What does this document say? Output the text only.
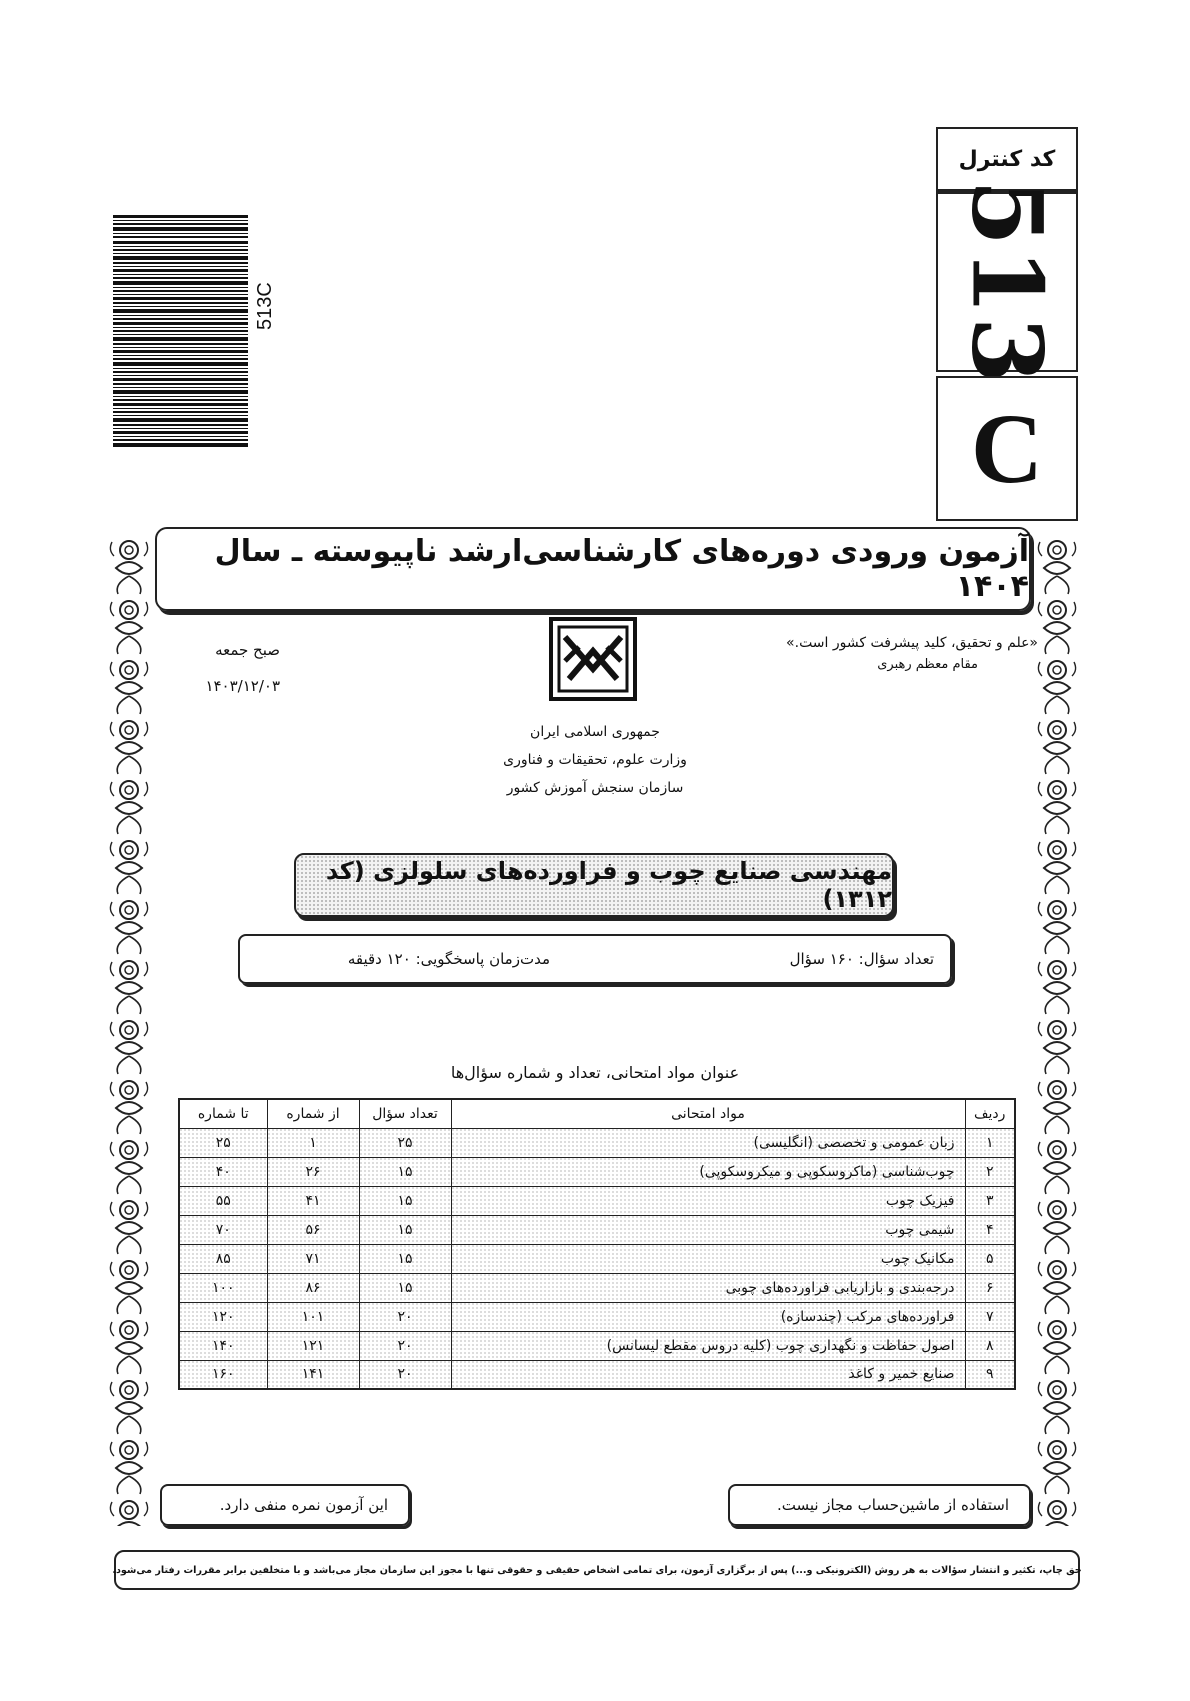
کد کنترل
513
C
513C
آزمون ورودی دوره‌های کارشناسی‌ارشد ناپیوسته ـ سال ۱۴۰۴
«علم و تحقیق، کلید پیشرفت کشور است.»
مقام معظم رهبری
صبح جمعه
۱۴۰۳/۱۲/۰۳
جمهوری اسلامی ایران
وزارت علوم، تحقیقات و فناوری
سازمان سنجش آموزش کشور
مهندسی صنایع چوب و فراورده‌های سلولزی (کد ۱۳۱۲)
تعداد سؤال: ۱۶۰ سؤال
مدت‌زمان پاسخگویی: ۱۲۰ دقیقه
عنوان مواد امتحانی، تعداد و شماره سؤال‌ها
ردیف	مواد امتحانی	تعداد سؤال	از شماره	تا شماره
۱	زبان عمومی و تخصصی (انگلیسی)	۲۵	۱	۲۵
۲	چوب‌شناسی (ماکروسکوپی و میکروسکوپی)	۱۵	۲۶	۴۰
۳	فیزیک چوب	۱۵	۴۱	۵۵
۴	شیمی چوب	۱۵	۵۶	۷۰
۵	مکانیک چوب	۱۵	۷۱	۸۵
۶	درجه‌بندی و بازاریابی فراورده‌های چوبی	۱۵	۸۶	۱۰۰
۷	فراورده‌های مرکب (چندسازه)	۲۰	۱۰۱	۱۲۰
۸	اصول حفاظت و نگهداری چوب (کلیه دروس مقطع لیسانس)	۲۰	۱۲۱	۱۴۰
۹	صنایع خمیر و کاغذ	۲۰	۱۴۱	۱۶۰
استفاده از ماشین‌حساب مجاز نیست.
این آزمون نمره منفی دارد.
حق چاپ، تکثیر و انتشار سؤالات به هر روش (الکترونیکی و...) پس از برگزاری آزمون، برای تمامی اشخاص حقیقی و حقوقی تنها با مجوز این سازمان مجاز می‌باشد و با متخلفین برابر مقررات رفتار می‌شود.
